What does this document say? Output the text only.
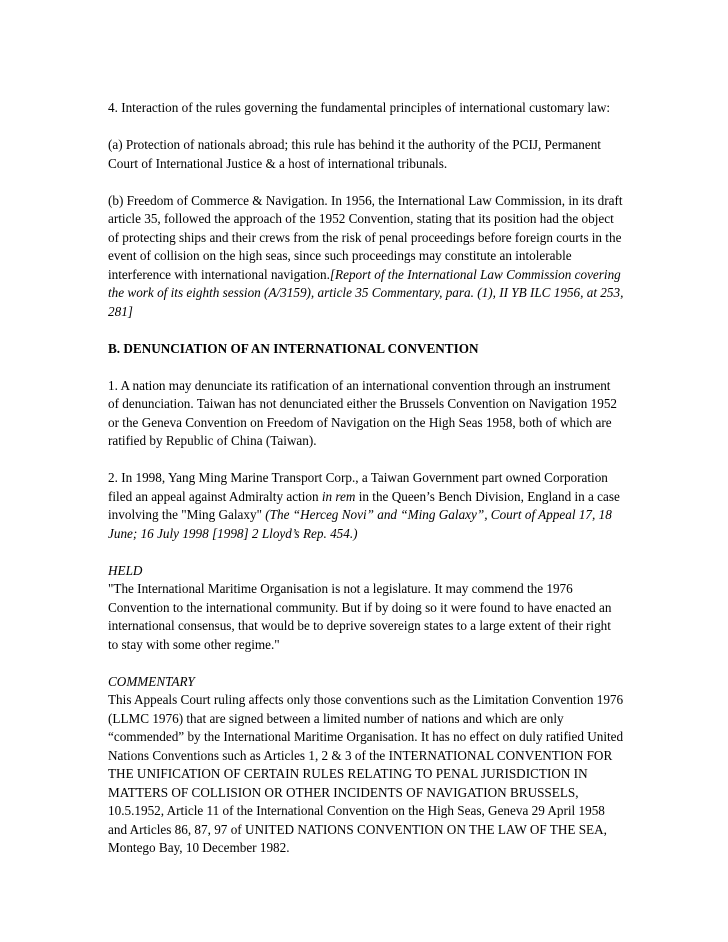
4. Interaction of the rules governing the fundamental principles of international customary law:

(a) Protection of nationals abroad; this rule has behind it the authority of the PCIJ, Permanent Court of International Justice & a host of international tribunals.

(b) Freedom of Commerce & Navigation. In 1956, the International Law Commission, in its draft article 35, followed the approach of the 1952 Convention, stating that its position had the object of protecting ships and their crews from the risk of penal proceedings before foreign courts in the event of collision on the high seas, since such proceedings may constitute an intolerable interference with international navigation.[Report of the International Law Commission covering the work of its eighth session (A/3159), article 35 Commentary, para. (1), II YB ILC 1956, at 253, 281]

B. DENUNCIATION OF AN INTERNATIONAL CONVENTION

1. A nation may denunciate its ratification of an international convention through an instrument of denunciation. Taiwan has not denunciated either the Brussels Convention on Navigation 1952 or the Geneva Convention on Freedom of Navigation on the High Seas 1958, both of which are ratified by Republic of China (Taiwan).

2. In 1998, Yang Ming Marine Transport Corp., a Taiwan Government part owned Corporation filed an appeal against Admiralty action in rem in the Queen’s Bench Division, England in a case involving the "Ming Galaxy" (The “Herceg Novi” and “Ming Galaxy”, Court of Appeal 17, 18 June; 16 July 1998 [1998] 2 Lloyd’s Rep. 454.)

HELD

"The International Maritime Organisation is not a legislature. It may commend the 1976 Convention to the international community. But if by doing so it were found to have enacted an international consensus, that would be to deprive sovereign states to a large extent of their right to stay with some other regime."

COMMENTARY

This Appeals Court ruling affects only those conventions such as the Limitation Convention 1976 (LLMC 1976) that are signed between a limited number of nations and which are only “commended” by the International Maritime Organisation. It has no effect on duly ratified United Nations Conventions such as Articles 1, 2 & 3 of the INTERNATIONAL CONVENTION FOR THE UNIFICATION OF CERTAIN RULES RELATING TO PENAL JURISDICTION IN MATTERS OF COLLISION OR OTHER INCIDENTS OF NAVIGATION BRUSSELS, 10.5.1952, Article 11 of the International Convention on the High Seas, Geneva 29 April 1958 and Articles 86, 87, 97 of UNITED NATIONS CONVENTION ON THE LAW OF THE SEA, Montego Bay, 10 December 1982.
